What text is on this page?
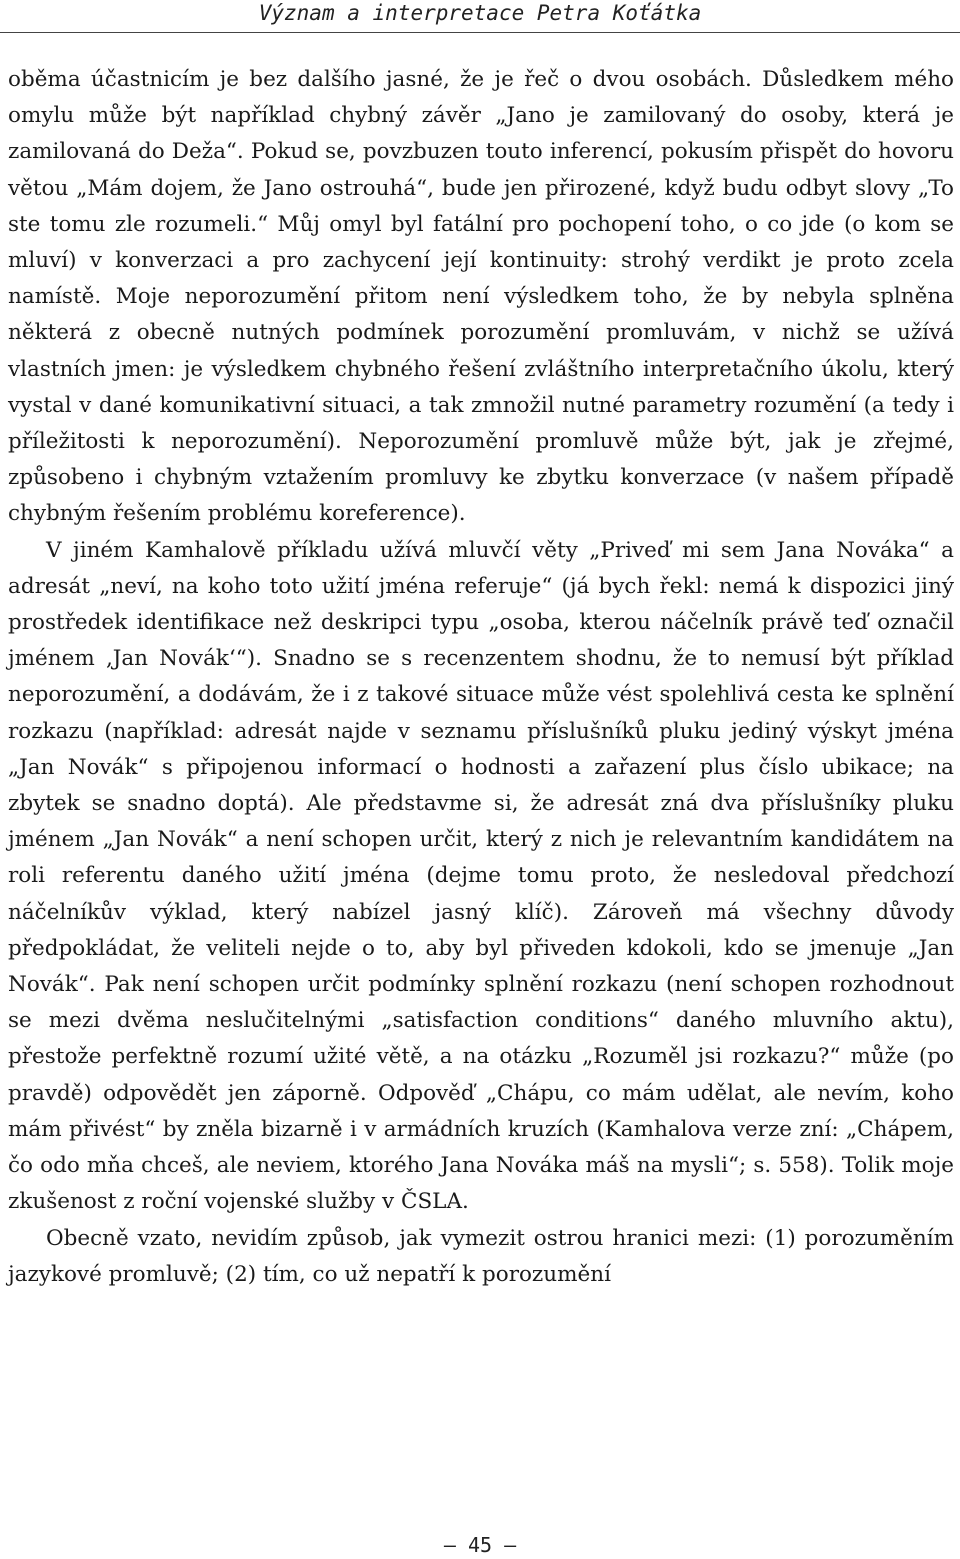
Význam a interpretace Petra Koťátka

oběma účastnicím je bez dalšího jasné, že je řeč o dvou osobách. Důsledkem mého omylu může být například chybný závěr „Jano je zamilovaný do osoby, která je zamilovaná do Deža“. Pokud se, povzbuzen touto inferencí, pokusím přispět do hovoru větou „Mám dojem, že Jano ostrouhá“, bude jen přirozené, když budu odbyt slovy „To ste tomu zle rozumeli.“ Můj omyl byl fatální pro pochopení toho, o co jde (o kom se mluví) v konverzaci a pro zachycení její kontinuity: strohý verdikt je proto zcela namístě. Moje neporozumění přitom není výsledkem toho, že by nebyla splněna některá z obecně nutných podmínek porozumění promluvám, v nichž se užívá vlastních jmen: je výsledkem chybného řešení zvláštního interpretačního úkolu, který vystal v dané komunikativní situaci, a tak zmnožil nutné parametry rozumění (a tedy i příležitosti k neporozumění). Neporozumění promluvě může být, jak je zřejmé, způsobeno i chybným vztažením promluvy ke zbytku konverzace (v našem případě chybným řešením problému koreference).

V jiném Kamhalově příkladu užívá mluvčí věty „Priveď mi sem Jana Nováka“ a adresát „neví, na koho toto užití jména referuje“ (já bych řekl: nemá k dispozici jiný prostředek identifikace než deskripci typu „osoba, kterou náčelník právě teď označil jménem ‚Jan Novák‘“). Snadno se s recenzentem shodnu, že to nemusí být příklad neporozumění, a dodávám, že i z takové situace může vést spolehlivá cesta ke splnění rozkazu (například: adresát najde v seznamu příslušníků pluku jediný výskyt jména „Jan Novák“ s připojenou informací o hodnosti a zařazení plus číslo ubikace; na zbytek se snadno doptá). Ale představme si, že adresát zná dva příslušníky pluku jménem „Jan Novák“ a není schopen určit, který z nich je relevantním kandidátem na roli referentu daného užití jména (dejme tomu proto, že nesledoval předchozí náčelníkův výklad, který nabízel jasný klíč). Zároveň má všechny důvody předpokládat, že veliteli nejde o to, aby byl přiveden kdokoli, kdo se jmenuje „Jan Novák“. Pak není schopen určit podmínky splnění rozkazu (není schopen rozhodnout se mezi dvěma neslučitelnými „satisfaction conditions“ daného mluvního aktu), přestože perfektně rozumí užité větě, a na otázku „Rozuměl jsi rozkazu?“ může (po pravdě) odpovědět jen záporně. Odpověď „Chápu, co mám udělat, ale nevím, koho mám přivést“ by zněla bizarně i v armádních kruzích (Kamhalova verze zní: „Chápem, čo odo mňa chceš, ale neviem, ktorého Jana Nováka máš na mysli“; s. 558). Tolik moje zkušenost z roční vojenské služby v ČSLA.

Obecně vzato, nevidím způsob, jak vymezit ostrou hranici mezi: (1) porozuměním jazykové promluvě; (2) tím, co už nepatří k porozumění

– 45 –
